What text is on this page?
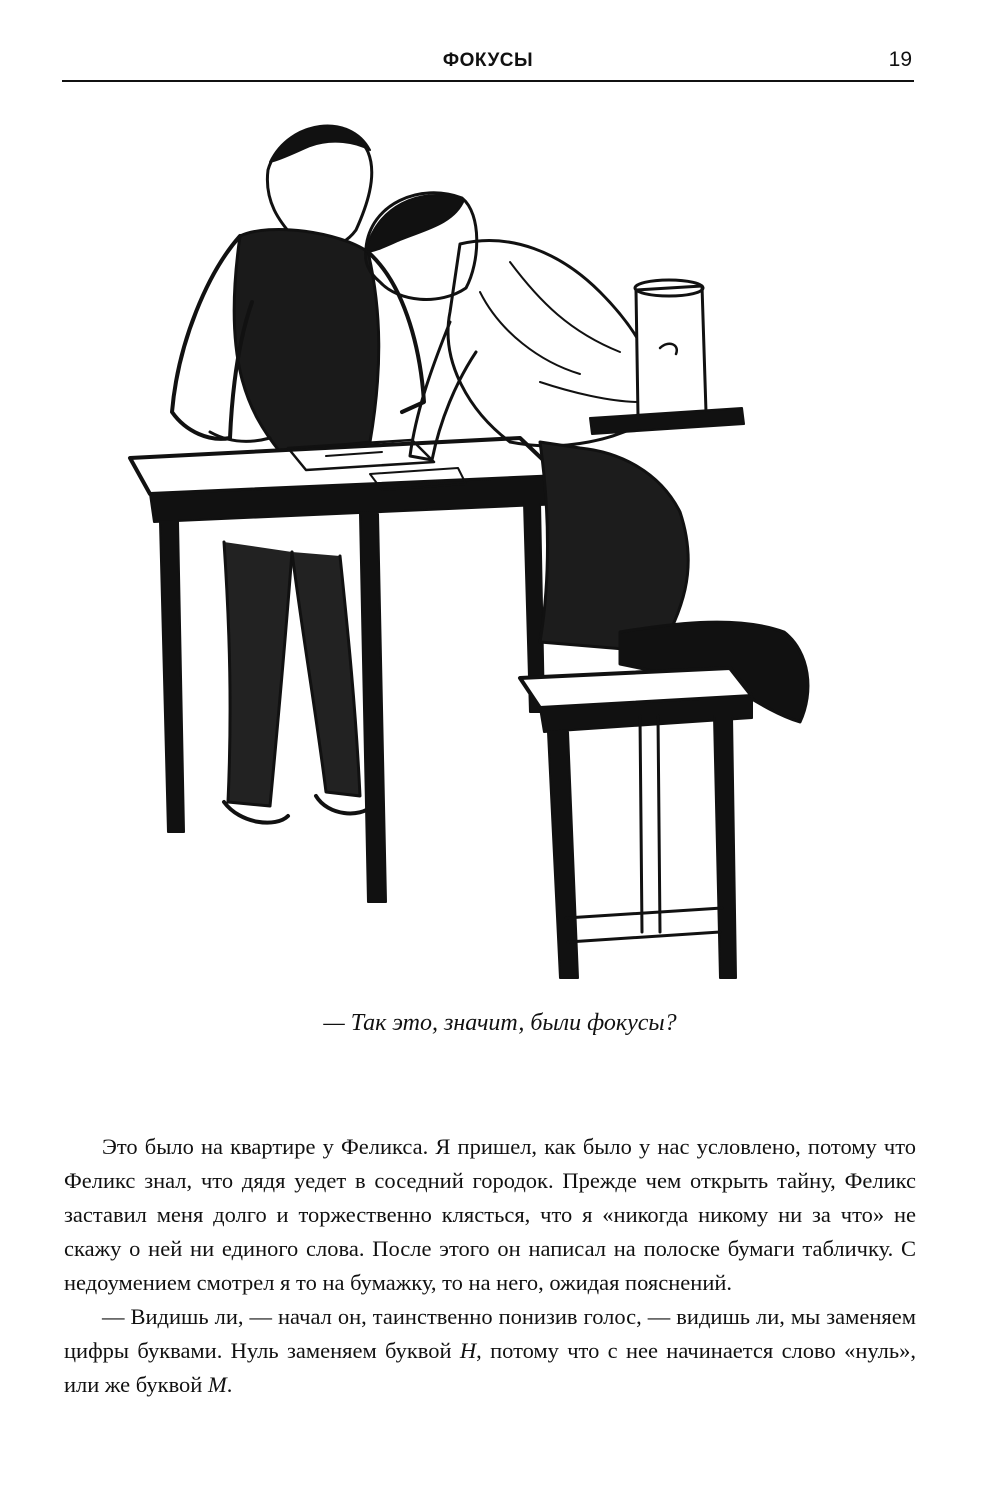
ФОКУСЫ	19
— Так это, значит, были фокусы?

Это было на квартире у Феликса. Я пришел, как было у нас условлено, потому что Феликс знал, что дядя уедет в соседний городок. Прежде чем открыть тайну, Феликс заставил меня долго и торжественно клясться, что я «никогда никому ни за что» не скажу о ней ни единого слова. После этого он написал на полоске бумаги табличку. С недоумением смотрел я то на бумажку, то на него, ожидая пояснений.

— Видишь ли, — начал он, таинственно понизив голос, — видишь ли, мы заменяем цифры буквами. Нуль заменяем буквой Н, потому что с нее начинается слово «нуль», или же буквой М.
